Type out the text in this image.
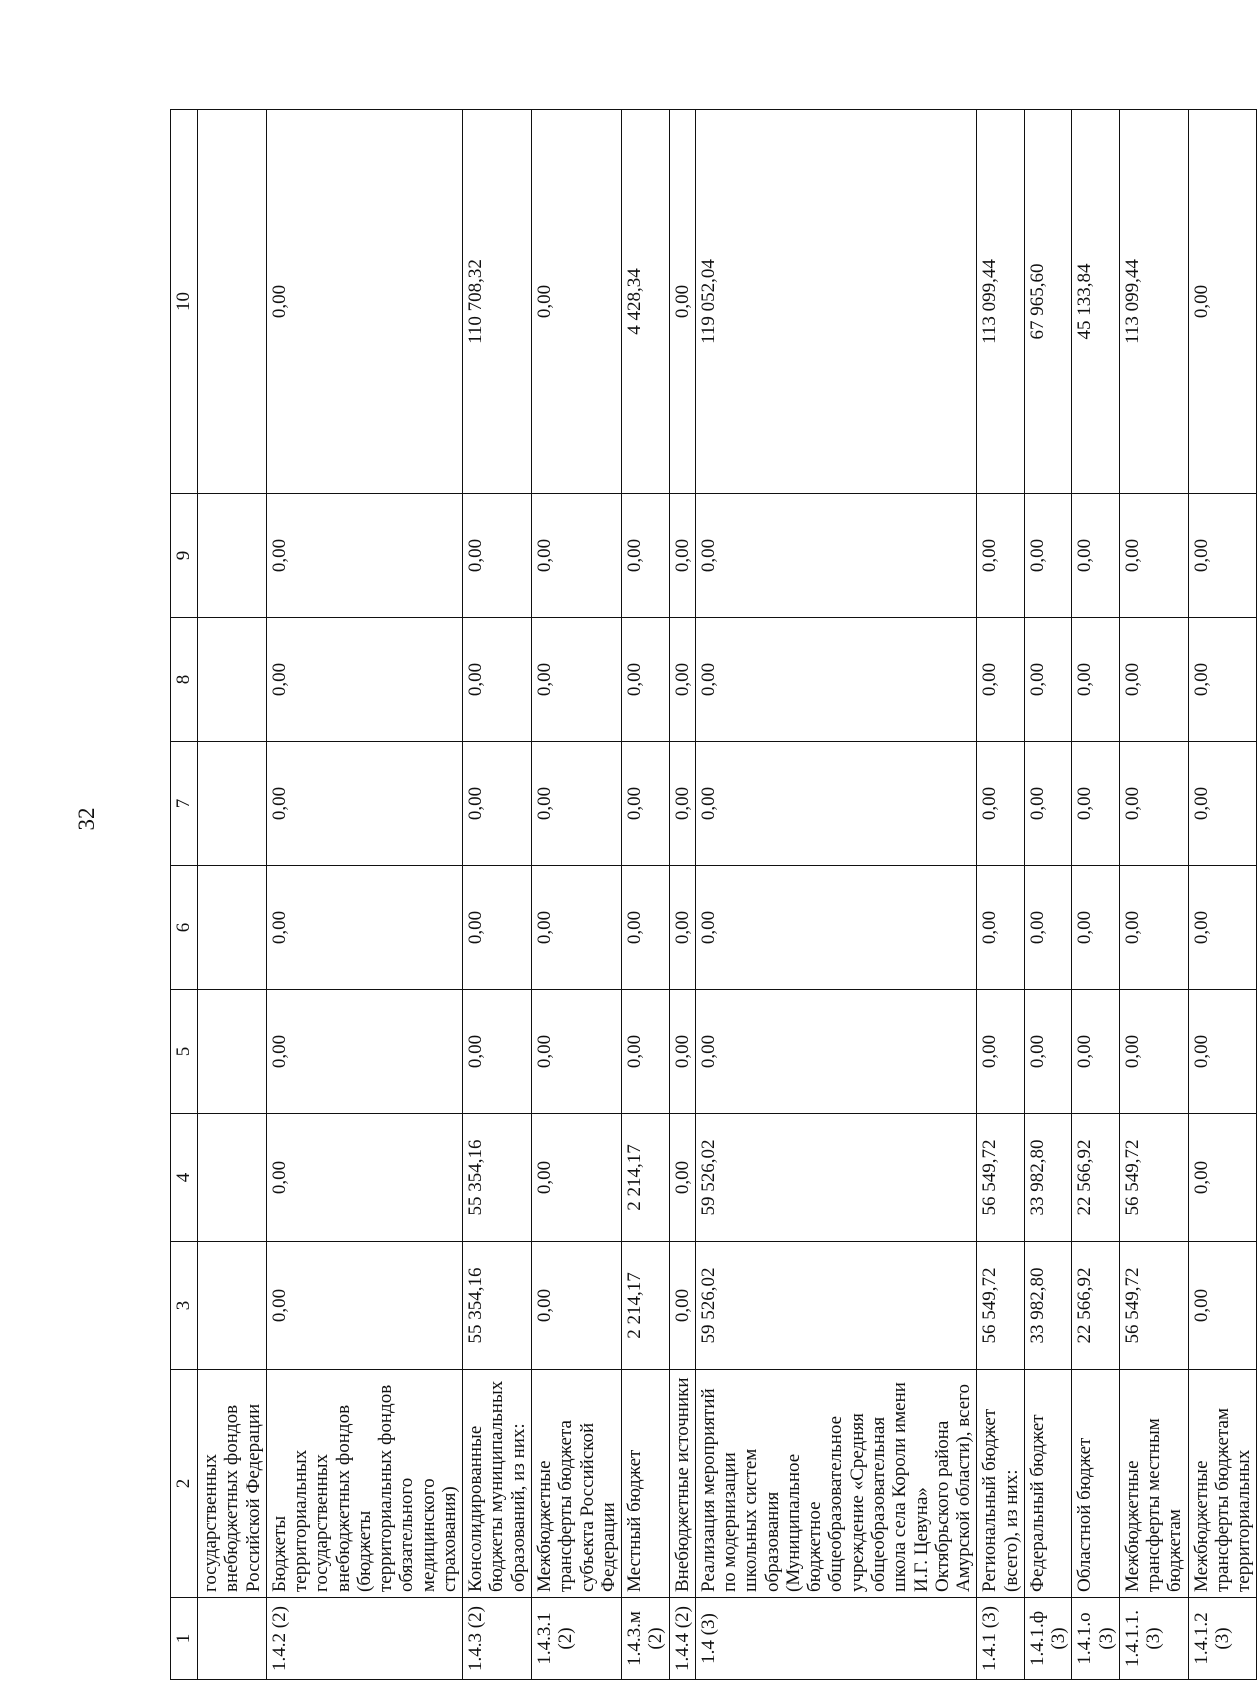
32
1	2	3	4	5	6	7	8	9	10
	государственных внебюджетных фондов Российской Федерации								
1.4.2 (2)	Бюджеты территориальных государственных внебюджетных фондов (бюджеты территориальных фондов обязательного медицинского страхования)	0,00	0,00	0,00	0,00	0,00	0,00	0,00	0,00
1.4.3 (2)	Консолидированные бюджеты муниципальных образований, из них:	55 354,16	55 354,16	0,00	0,00	0,00	0,00	0,00	110 708,32
1.4.3.1 (2)	Межбюджетные трансферты бюджета субъекта Российской Федерации	0,00	0,00	0,00	0,00	0,00	0,00	0,00	0,00
1.4.3.м (2)	Местный бюджет	2 214,17	2 214,17	0,00	0,00	0,00	0,00	0,00	4 428,34
1.4.4 (2)	Внебюджетные источники	0,00	0,00	0,00	0,00	0,00	0,00	0,00	0,00
1.4 (3)	Реализация мероприятий по модернизации школьных систем образования (Муниципальное бюджетное общеобразовательное учреждение «Средняя общеобразовательная школа села Короли имени И.Г. Цевуна» Октябрьского района Амурской области), всего	59 526,02	59 526,02	0,00	0,00	0,00	0,00	0,00	119 052,04
1.4.1 (3)	Региональный бюджет (всего), из них:	56 549,72	56 549,72	0,00	0,00	0,00	0,00	0,00	113 099,44
1.4.1.ф (3)	Федеральный бюджет	33 982,80	33 982,80	0,00	0,00	0,00	0,00	0,00	67 965,60
1.4.1.о (3)	Областной бюджет	22 566,92	22 566,92	0,00	0,00	0,00	0,00	0,00	45 133,84
1.4.1.1.(3)	Межбюджетные трансферты местным бюджетам	56 549,72	56 549,72	0,00	0,00	0,00	0,00	0,00	113 099,44
1.4.1.2 (3)	Межбюджетные трансферты бюджетам территориальных	0,00	0,00	0,00	0,00	0,00	0,00	0,00	0,00
